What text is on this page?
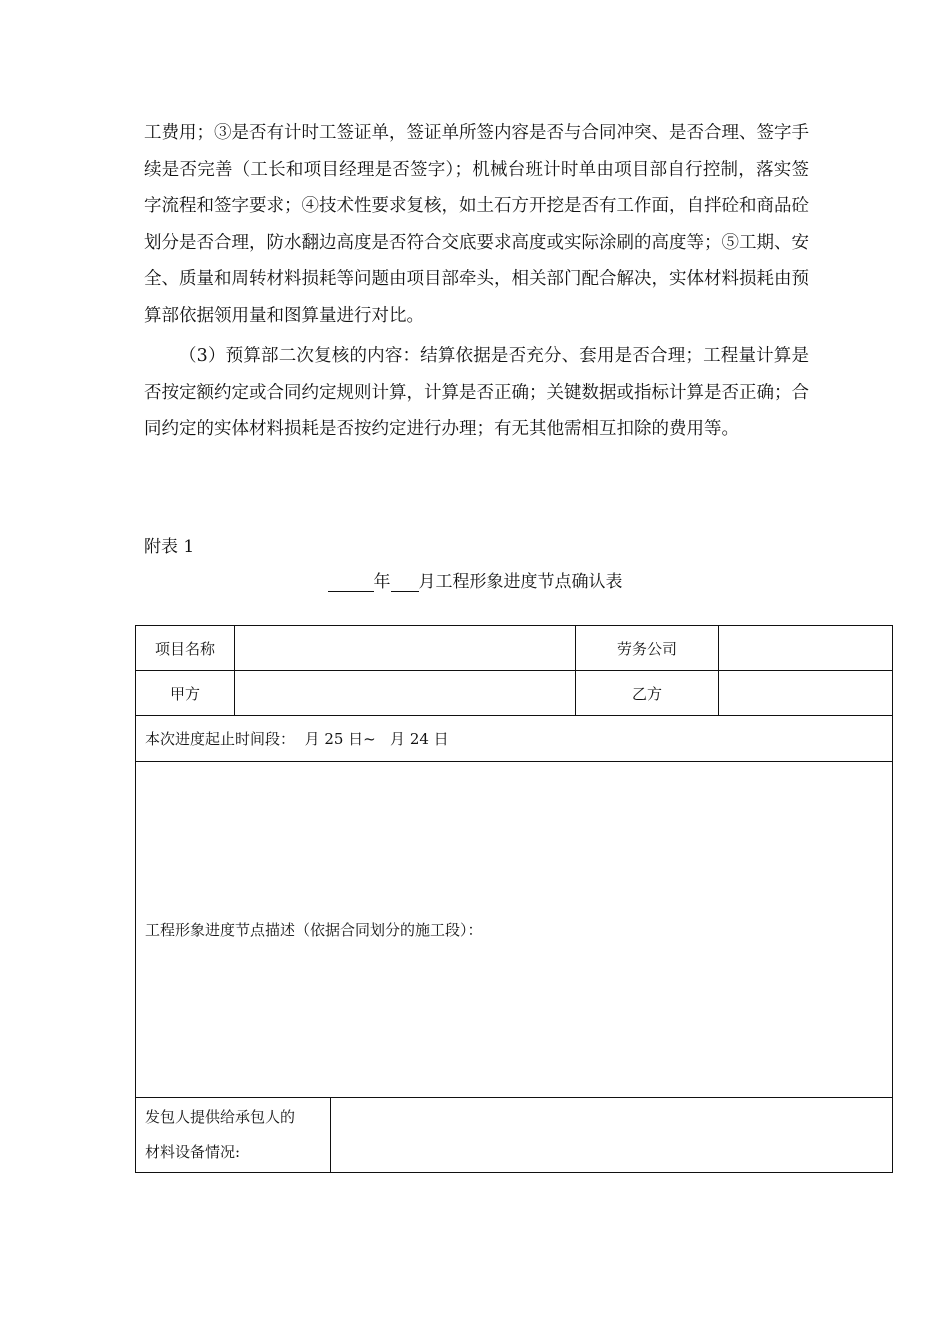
工费用；③是否有计时工签证单，签证单所签内容是否与合同冲突、是否合理、签字手续是否完善（工长和项目经理是否签字）；机械台班计时单由项目部自行控制，落实签字流程和签字要求；④技术性要求复核，如土石方开挖是否有工作面，自拌砼和商品砼划分是否合理，防水翻边高度是否符合交底要求高度或实际涂刷的高度等；⑤工期、安全、质量和周转材料损耗等问题由项目部牵头，相关部门配合解决，实体材料损耗由预算部依据领用量和图算量进行对比。

（3）预算部二次复核的内容：结算依据是否充分、套用是否合理；工程量计算是否按定额约定或合同约定规则计算，计算是否正确；关键数据或指标计算是否正确；合同约定的实体材料损耗是否按约定进行办理；有无其他需相互扣除的费用等。

附表 1
年 月工程形象进度节点确认表
项目名称			劳务公司	
甲方			乙方	
本次进度起止时间段： 月 25 日~   月 24 日				
工程形象进度节点描述（依据合同划分的施工段）：				

发包人提供给承包人的
材料设备情况:				
